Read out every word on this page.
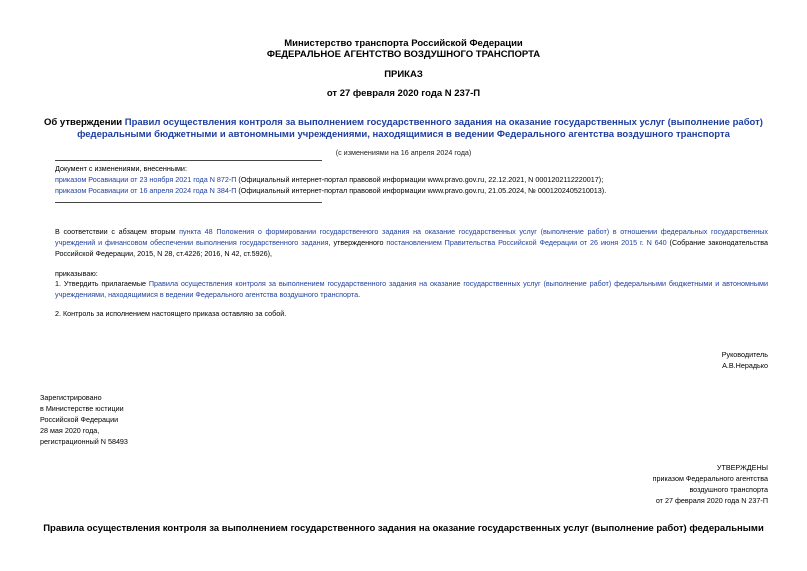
Министерство транспорта Российской Федерации
ФЕДЕРАЛЬНОЕ АГЕНТСТВО ВОЗДУШНОГО ТРАНСПОРТА
ПРИКАЗ
от 27 февраля 2020 года N 237-П
Об утверждении Правил осуществления контроля за выполнением государственного задания на оказание государственных услуг (выполнение работ)
федеральными бюджетными и автономными учреждениями, находящимися в ведении Федерального агентства воздушного транспорта
(с изменениями на 16 апреля 2024 года)

Документ с изменениями, внесенными:

приказом Росавиации от 23 ноября 2021 года N 872-П (Официальный интернет-портал правовой информации www.pravo.gov.ru, 22.12.2021, N 0001202112220017);

приказом Росавиации от 16 апреля 2024 года N 384-П (Официальный интернет-портал правовой информации www.pravo.gov.ru, 21.05.2024, № 0001202405210013).

В соответствии с абзацем вторым пункта 48 Положения о формировании государственного задания на оказание государственных услуг (выполнение работ) в отношении федеральных государственных

учреждений и финансовом обеспечении выполнения государственного задания, утвержденного постановлением Правительства Российской Федерации от 26 июня 2015 г. N 640 (Собрание законодательства

Российской Федерации, 2015, N 28, ст.4226; 2016, N 42, ст.5926),

приказываю:

1. Утвердить прилагаемые Правила осуществления контроля за выполнением государственного задания на оказание государственных услуг (выполнение работ) федеральными бюджетными и автономными

учреждениями, находящимися в ведении Федерального агентства воздушного транспорта.

2. Контроль за исполнением настоящего приказа оставляю за собой.

Руководитель

А.В.Нерадько

Зарегистрировано

в Министерстве юстиции

Российской Федерации

28 мая 2020 года,

регистрационный N 58493

УТВЕРЖДЕНЫ

приказом Федерального агентства

воздушного транспорта

от 27 февраля 2020 года N 237-П

Правила осуществления контроля за выполнением государственного задания на оказание государственных услуг (выполнение работ) федеральными
